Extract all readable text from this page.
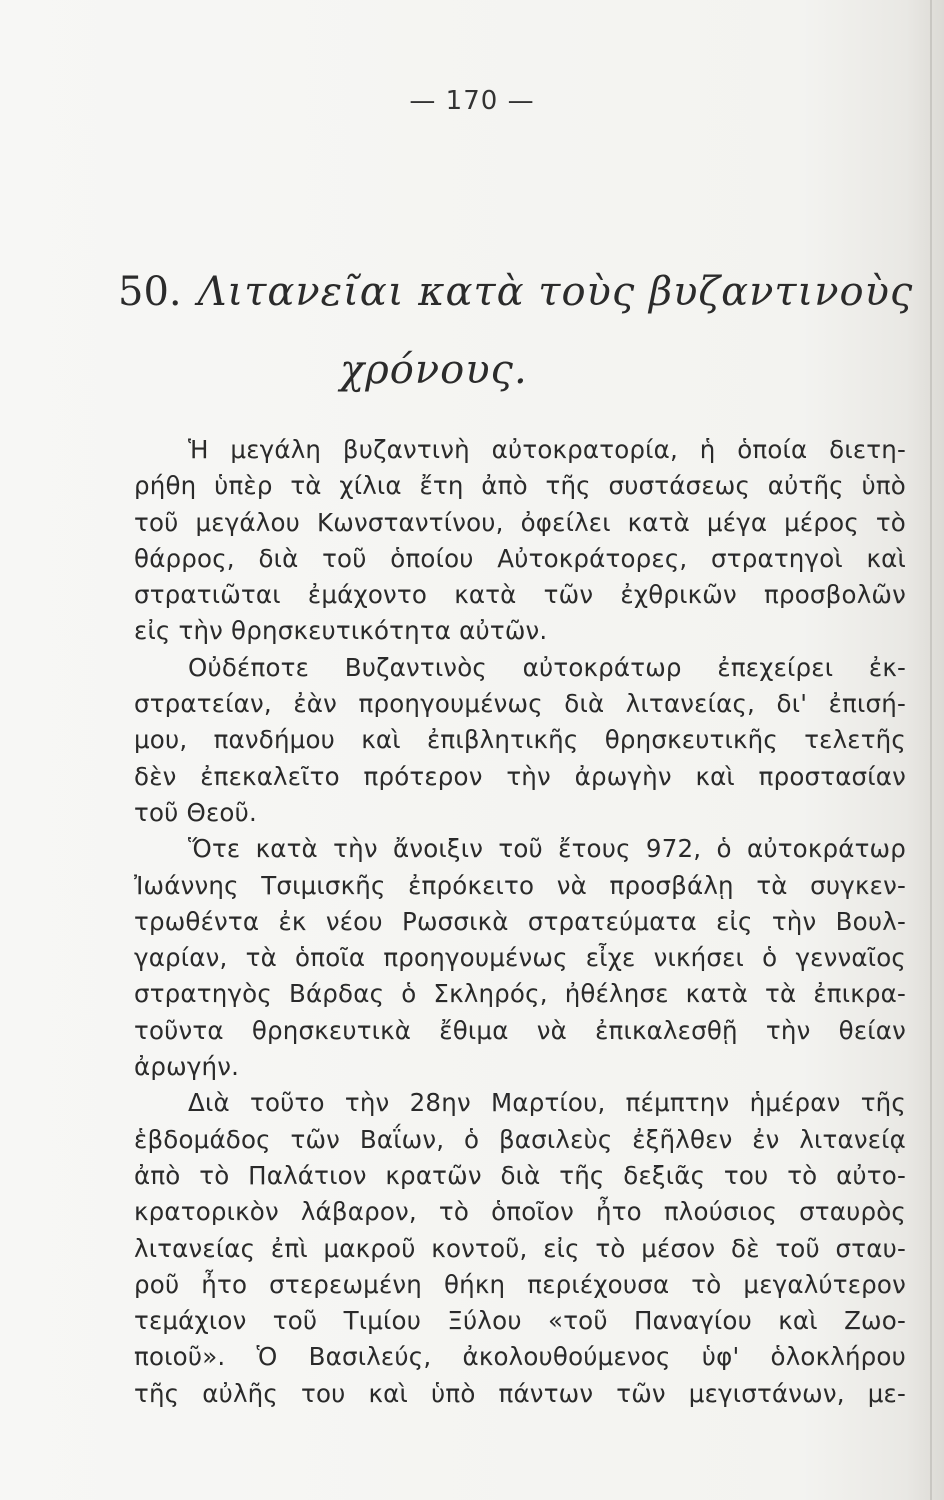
— 170 —
50. Λιτανεῖαι κατὰ τοὺς βυζαντινοὺς
χρόνους.
Ἡ μεγάλη βυζαντινὴ αὐτοκρατορία, ἡ ὁποία διετη-
ρήθη ὑπὲρ τὰ χίλια ἔτη ἀπὸ τῆς συστάσεως αὐτῆς ὑπὸ
τοῦ μεγάλου Κωνσταντίνου, ὀφείλει κατὰ μέγα μέρος τὸ
θάρρος, διὰ τοῦ ὁποίου Αὐτοκράτορες, στρατηγοὶ καὶ
στρατιῶται ἐμάχοντο κατὰ τῶν ἐχθρικῶν προσβολῶν
εἰς τὴν θρησκευτικότητα αὐτῶν.
Οὐδέποτε Βυζαντινὸς αὐτοκράτωρ ἐπεχείρει ἐκ-
στρατείαν, ἐὰν προηγουμένως διὰ λιτανείας, δι' ἐπισή-
μου, πανδήμου καὶ ἐπιβλητικῆς θρησκευτικῆς τελετῆς
δὲν ἐπεκαλεῖτο πρότερον τὴν ἀρωγὴν καὶ προστασίαν
τοῦ Θεοῦ.
Ὅτε κατὰ τὴν ἄνοιξιν τοῦ ἔτους 972, ὁ αὐτοκράτωρ
Ἰωάννης Τσιμισκῆς ἐπρόκειτο νὰ προσβάλῃ τὰ συγκεν-
τρωθέντα ἐκ νέου Ρωσσικὰ στρατεύματα εἰς τὴν Βουλ-
γαρίαν, τὰ ὁποῖα προηγουμένως εἶχε νικήσει ὁ γενναῖος
στρατηγὸς Βάρδας ὁ Σκληρός, ἠθέλησε κατὰ τὰ ἐπικρα-
τοῦντα θρησκευτικὰ ἔθιμα νὰ ἐπικαλεσθῇ τὴν θείαν
ἀρωγήν.
Διὰ τοῦτο τὴν 28ην Μαρτίου, πέμπτην ἡμέραν τῆς
ἑβδομάδος τῶν Βαΐων, ὁ βασιλεὺς ἐξῆλθεν ἐν λιτανείᾳ
ἀπὸ τὸ Παλάτιον κρατῶν διὰ τῆς δεξιᾶς του τὸ αὐτο-
κρατορικὸν λάβαρον, τὸ ὁποῖον ἦτο πλούσιος σταυρὸς
λιτανείας ἐπὶ μακροῦ κοντοῦ, εἰς τὸ μέσον δὲ τοῦ σταυ-
ροῦ ἦτο στερεωμένη θήκη περιέχουσα τὸ μεγαλύτερον
τεμάχιον τοῦ Τιμίου Ξύλου «τοῦ Παναγίου καὶ Ζωο-
ποιοῦ». Ὁ Βασιλεύς, ἀκολουθούμενος ὑφ' ὁλοκλήρου
τῆς αὐλῆς του καὶ ὑπὸ πάντων τῶν μεγιστάνων, με-
